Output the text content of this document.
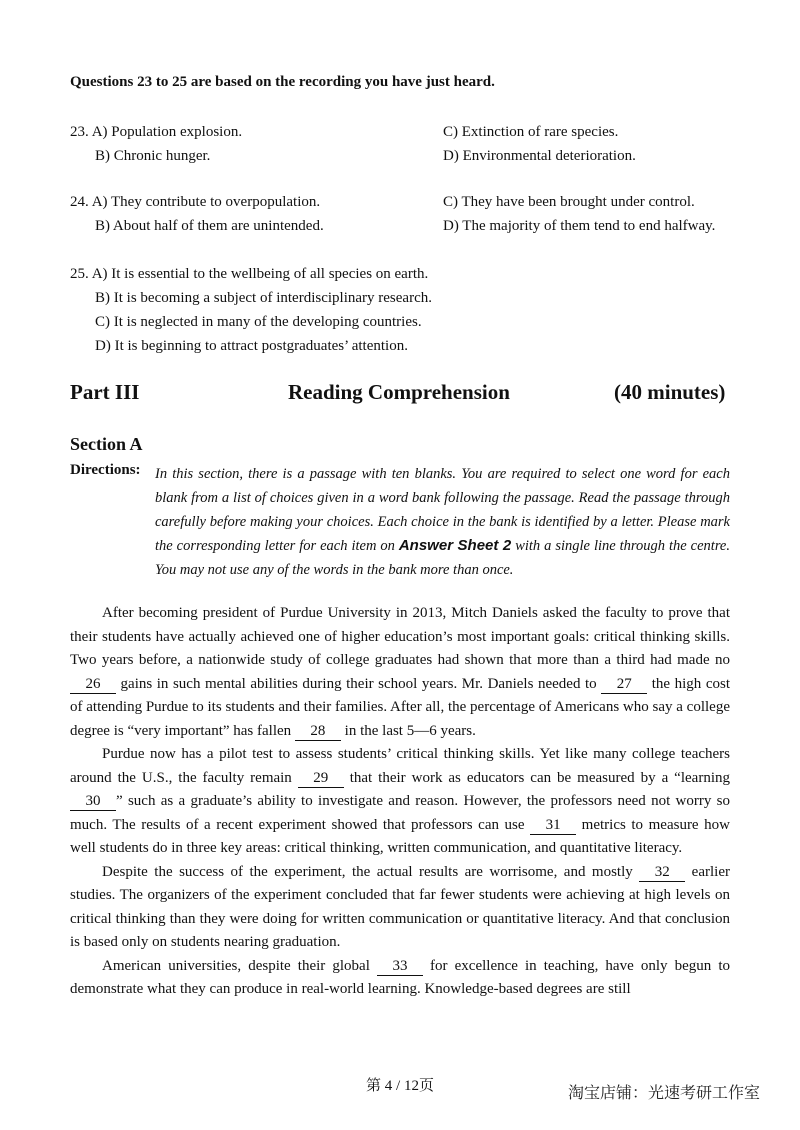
Questions 23 to 25 are based on the recording you have just heard.
23. A) Population explosion.
B) Chronic hunger.
C) Extinction of rare species.
D) Environmental deterioration.
24. A) They contribute to overpopulation.
B) About half of them are unintended.
C) They have been brought under control.
D) The majority of them tend to end halfway.
25. A) It is essential to the wellbeing of all species on earth.
B) It is becoming a subject of interdisciplinary research.
C) It is neglected in many of the developing countries.
D) It is beginning to attract postgraduates’ attention.
Part III	Reading Comprehension	(40 minutes)
Section A
Directions: In this section, there is a passage with ten blanks. You are required to select one word for each blank from a list of choices given in a word bank following the passage. Read the passage through carefully before making your choices. Each choice in the bank is identified by a letter. Please mark the corresponding letter for each item on Answer Sheet 2 with a single line through the centre. You may not use any of the words in the bank more than once.

After becoming president of Purdue University in 2013, Mitch Daniels asked the faculty to prove that their students have actually achieved one of higher education’s most important goals: critical thinking skills. Two years before, a nationwide study of college graduates had shown that more than a third had made no 26 gains in such mental abilities during their school years. Mr. Daniels needed to 27 the high cost of attending Purdue to its students and their families. After all, the percentage of Americans who say a college degree is “very important” has fallen 28 in the last 5—6 years.

Purdue now has a pilot test to assess students’ critical thinking skills. Yet like many college teachers around the U.S., the faculty remain 29 that their work as educators can be measured by a “learning 30 ” such as a graduate’s ability to investigate and reason. However, the professors need not worry so much. The results of a recent experiment showed that professors can use 31 metrics to measure how well students do in three key areas: critical thinking, written communication, and quantitative literacy.

Despite the success of the experiment, the actual results are worrisome, and mostly 32 earlier studies. The organizers of the experiment concluded that far fewer students were achieving at high levels on critical thinking than they were doing for written communication or quantitative literacy. And that conclusion is based only on students nearing graduation.

American universities, despite their global 33 for excellence in teaching, have only begun to demonstrate what they can produce in real-world learning. Knowledge-based degrees are still

第 4 / 12页	淘宝店铺：光速考研工作室
